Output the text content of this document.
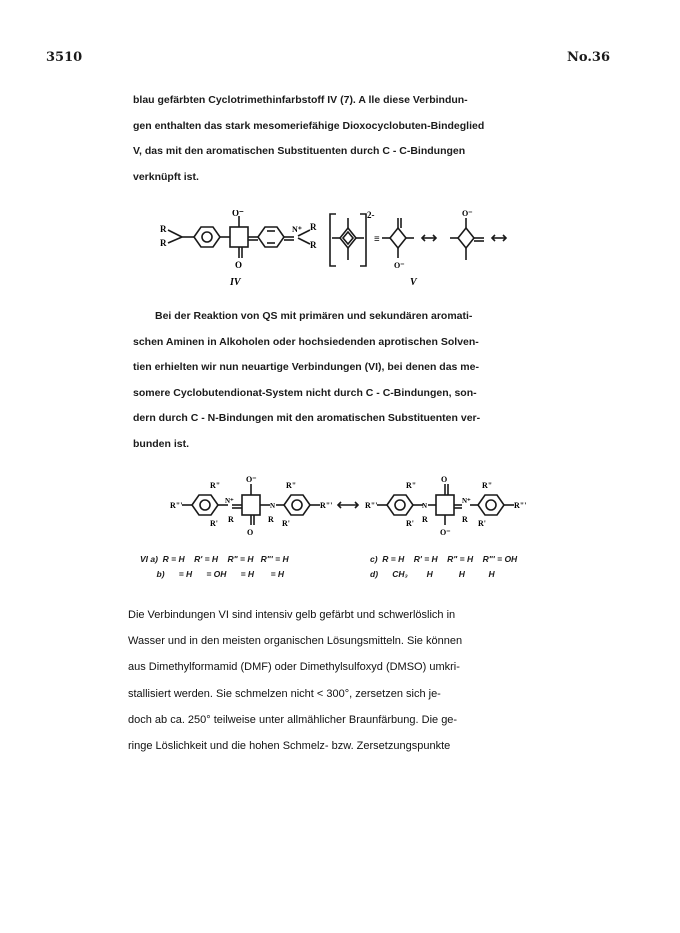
3510	No.36

blau gefärbten Cyclotrimethinfarbstoff IV (7). A lle diese Verbindun-
gen enthalten das stark mesomeriefähige Dioxocyclobuten-Bindeglied
V, das mit den aromatischen Substituenten durch C - C-Bindungen
verknüpft ist.

R
R
O⁻
O
N⁺ R
R
IV
2-
≡
O⁻
O⁻
V

Bei der Reaktion von QS mit primären und sekundären aromati-
schen Aminen in Alkoholen oder hochsiedenden aprotischen Solven-
tien erhielten wir nun neuartige Verbindungen (VI), bei denen das me-
somere Cyclobutendionat-System nicht durch C - C-Bindungen, son-
dern durch C - N-Bindungen mit den aromatischen Substituenten ver-
bunden ist.

R"'
R"
R'
N⁺
R
O⁻
O
N
R
R"
R'
R"'	R"'
R"
R'
N
R
O
O⁻
N⁺
R
R"
R'
R"'
VI a)  R = H    R' = H    R" = H   R"' = H
b)      = H      = OH      = H       = H
c)  R = H    R' = H    R" = H    R"' = OH
d)      CH₃        H           H          H

Die Verbindungen VI sind intensiv gelb gefärbt und schwerlöslich in
Wasser und in den meisten organischen Lösungsmitteln. Sie können
aus Dimethylformamid (DMF) oder Dimethylsulfoxyd (DMSO) umkri-
stallisiert werden. Sie schmelzen nicht < 300°, zersetzen sich je-
doch ab ca. 250° teilweise unter allmählicher Braunfärbung. Die ge-
ringe Löslichkeit und die hohen Schmelz- bzw. Zersetzungspunkte
